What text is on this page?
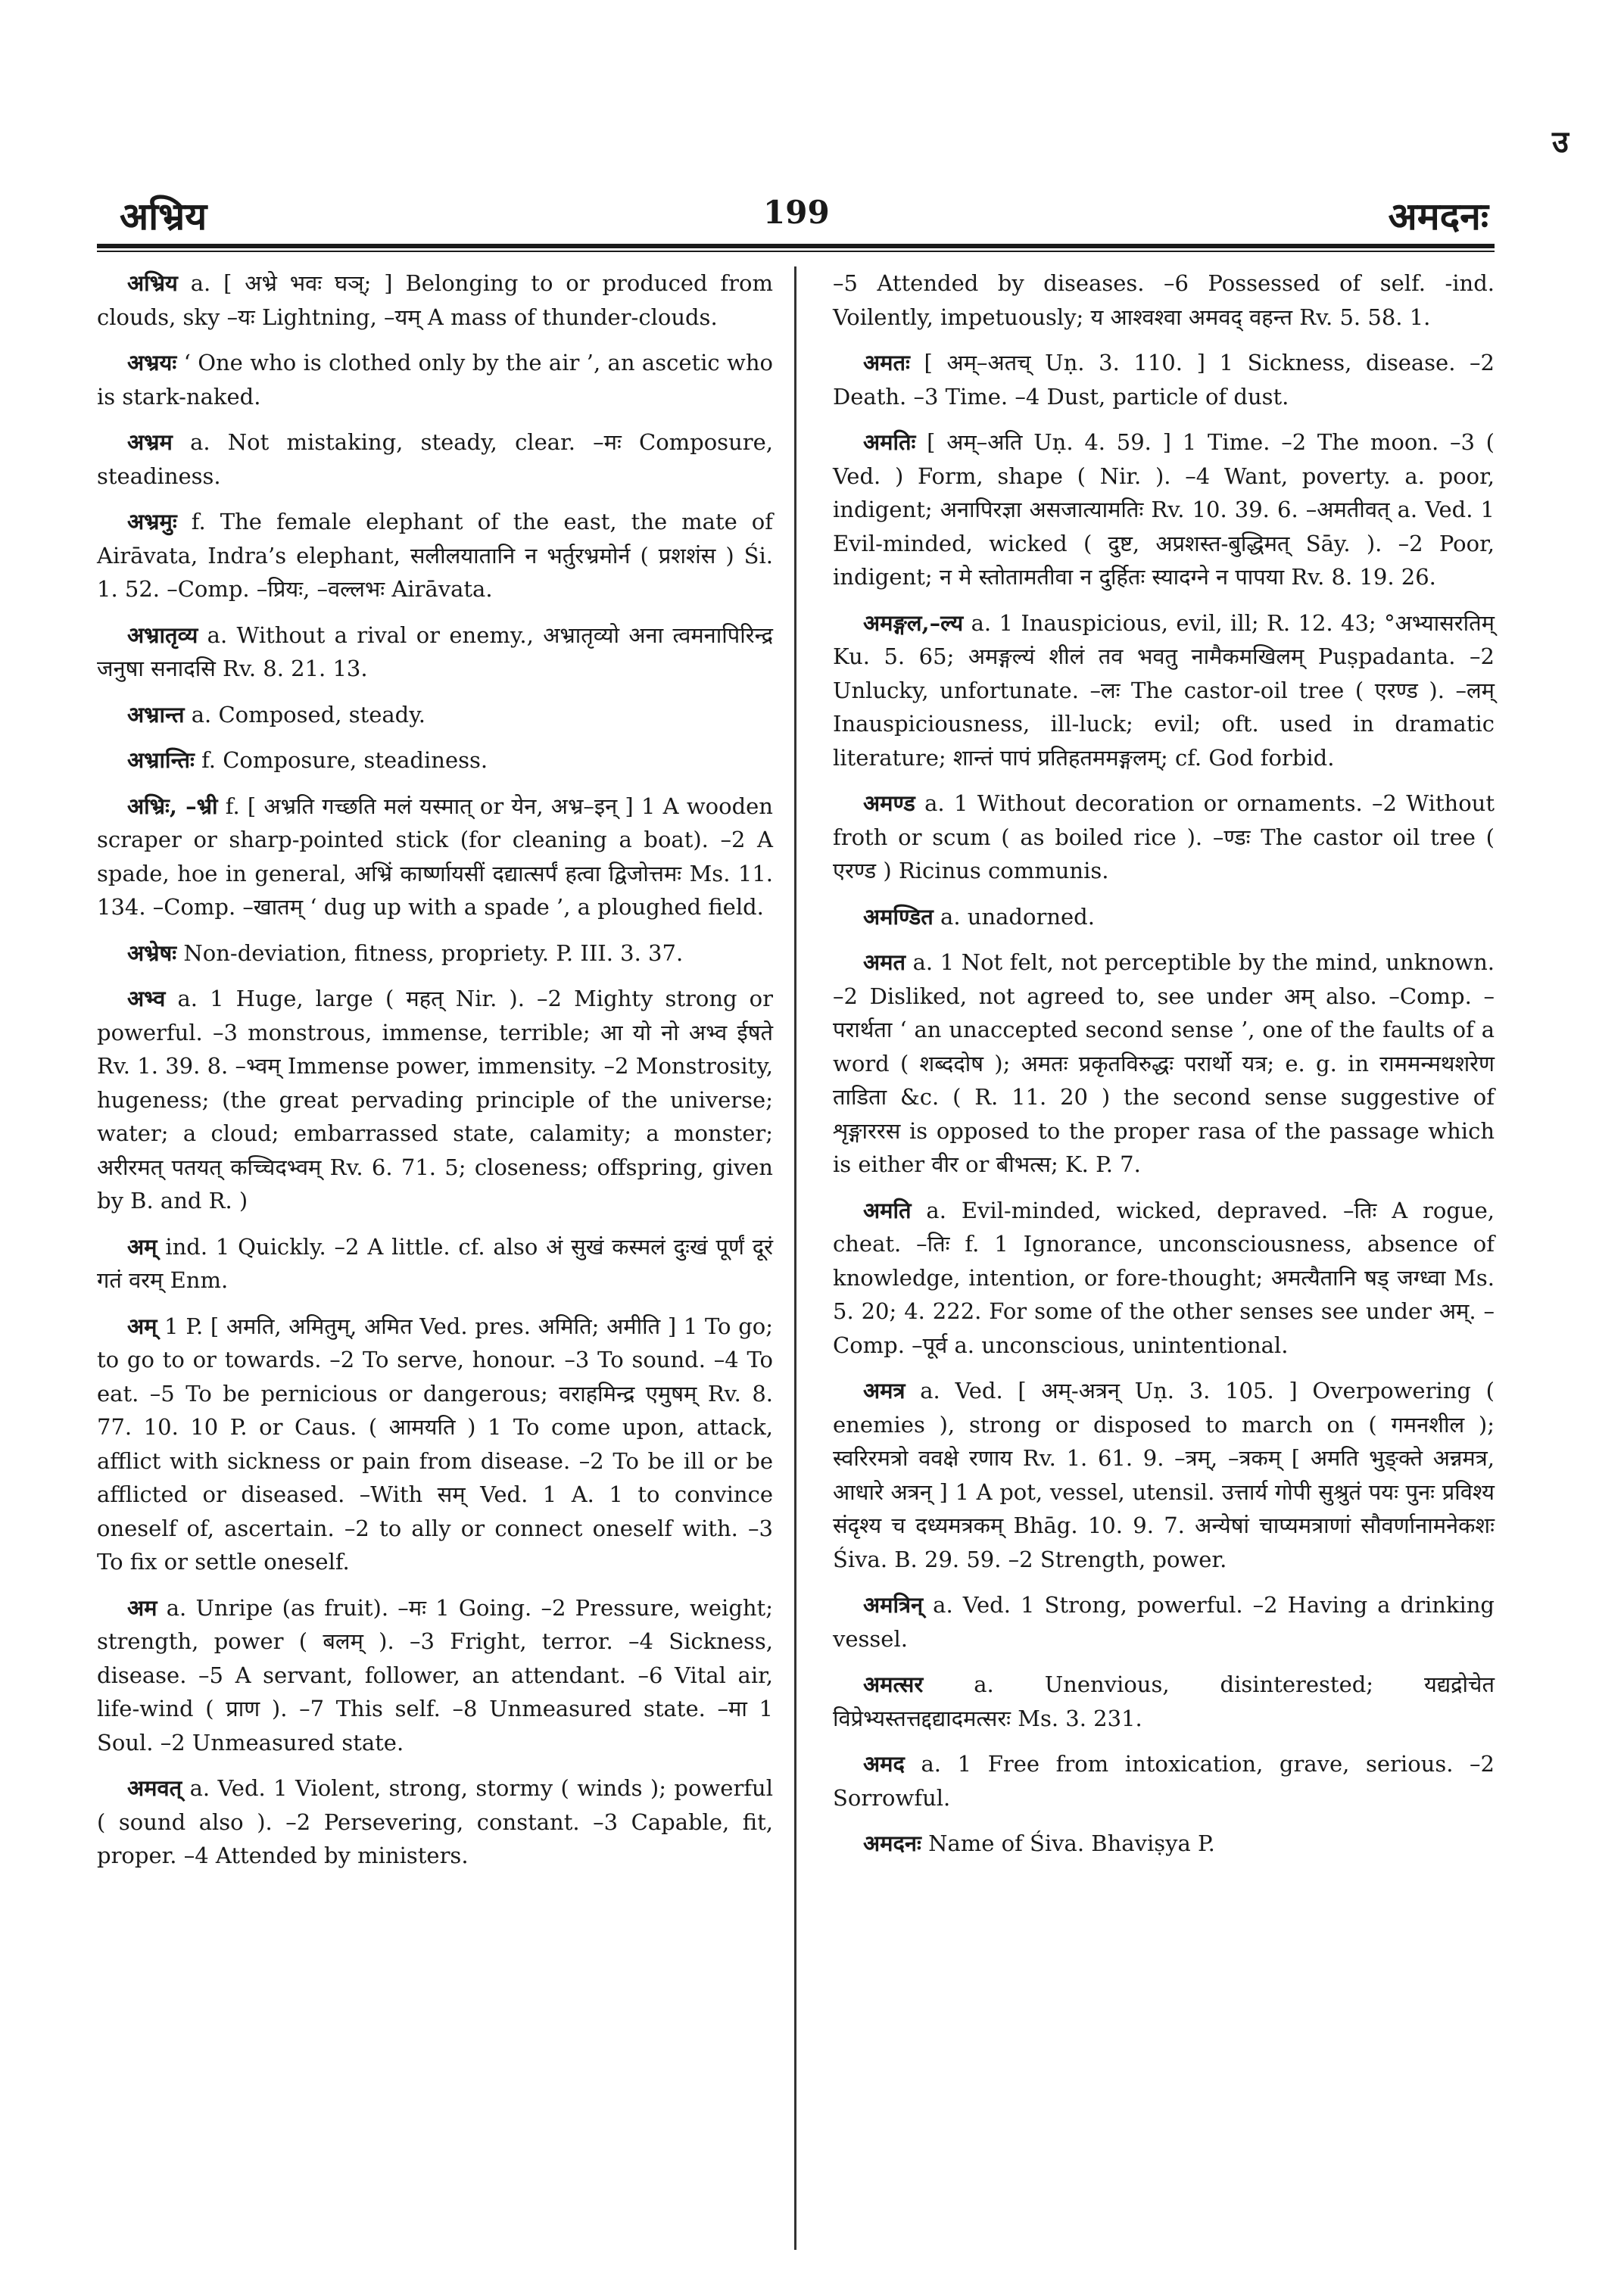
उ
अभ्रिय	199	अमदनः

अभ्रिय a. [ अभ्रे भवः घञ्; ] Belonging to or produced from clouds, sky –यः Lightning, –यम् A mass of thunder-clouds.

अभ्रयः ‘ One who is clothed only by the air ’, an ascetic who is stark-naked.

अभ्रम a. Not mistaking, steady, clear. –मः Composure, steadiness.

अभ्रमुः f. The female elephant of the east, the mate of Airāvata, Indra’s elephant, सलीलयातानि न भर्तुरभ्रमोर्न ( प्रशशंस ) Śi. 1. 52. –Comp. –प्रियः, –वल्लभः Airāvata.

अभ्रातृव्य a. Without a rival or enemy., अभ्रातृव्यो अना त्वमनापिरिन्द्र जनुषा सनादसि Rv. 8. 21. 13.

अभ्रान्त a. Composed, steady.

अभ्रान्तिः f. Composure, steadiness.

अभ्रिः, –भ्री f. [ अभ्रति गच्छति मलं यस्मात् or येन, अभ्र–इन् ] 1 A wooden scraper or sharp-pointed stick (for cleaning a boat). –2 A spade, hoe in general, अभ्रिं कार्ष्णायसीं दद्यात्सर्पं हत्वा द्विजोत्तमः Ms. 11. 134. –Comp. –खातम् ‘ dug up with a spade ’, a ploughed field.

अभ्रेषः Non-deviation, fitness, propriety. P. III. 3. 37.

अभ्व a. 1 Huge, large ( महत् Nir. ). –2 Mighty strong or powerful. –3 monstrous, immense, terrible; आ यो नो अभ्व ईषते Rv. 1. 39. 8. –भ्वम् Immense power, immensity. –2 Monstrosity, hugeness; (the great pervading principle of the universe; water; a cloud; embarrassed state, calamity; a monster; अरीरमत् पतयत् कच्चिदभ्वम् Rv. 6. 71. 5; closeness; offspring, given by B. and R. )

अम् ind. 1 Quickly. –2 A little. cf. also अं सुखं कस्मलं दुःखं पूर्णं दूरं गतं वरम् Enm.

अम् 1 P. [ अमति, अमितुम्, अमित Ved. pres. अमिति; अमीति ] 1 To go; to go to or towards. –2 To serve, honour. –3 To sound. –4 To eat. –5 To be pernicious or dangerous; वराहमिन्द्र एमुषम् Rv. 8. 77. 10. 10 P. or Caus. ( आमयति ) 1 To come upon, attack, afflict with sickness or pain from disease. –2 To be ill or be afflicted or diseased. –With सम् Ved. 1 A. 1 to convince oneself of, ascertain. –2 to ally or connect oneself with. –3 To fix or settle oneself.

अम a. Unripe (as fruit). –मः 1 Going. –2 Pressure, weight; strength, power ( बलम् ). –3 Fright, terror. –4 Sickness, disease. –5 A servant, follower, an attendant. –6 Vital air, life-wind ( प्राण ). –7 This self. –8 Unmeasured state. –मा 1 Soul. –2 Unmeasured state.

अमवत् a. Ved. 1 Violent, strong, stormy ( winds ); powerful ( sound also ). –2 Persevering, constant. –3 Capable, fit, proper. –4 Attended by ministers.

–5 Attended by diseases. –6 Possessed of self. -ind. Voilently, impetuously; य आश्वश्वा अमवद् वहन्त Rv. 5. 58. 1.

अमतः [ अम्–अतच् Uṇ. 3. 110. ] 1 Sickness, disease. –2 Death. –3 Time. –4 Dust, particle of dust.

अमतिः [ अम्–अति Uṇ. 4. 59. ] 1 Time. –2 The moon. –3 ( Ved. ) Form, shape ( Nir. ). –4 Want, poverty. a. poor, indigent; अनापिरज्ञा असजात्यामतिः Rv. 10. 39. 6. –अमतीवत् a. Ved. 1 Evil-minded, wicked ( दुष्ट, अप्रशस्त-बुद्धिमत् Sāy. ). –2 Poor, indigent; न मे स्तोतामतीवा न दुर्हितः स्यादग्ने न पापया Rv. 8. 19. 26.

अमङ्गल,–ल्य a. 1 Inauspicious, evil, ill; R. 12. 43; °अभ्यासरतिम् Ku. 5. 65; अमङ्गल्यं शीलं तव भवतु नामैकमखिलम् Puṣpadanta. –2 Unlucky, unfortunate. –लः The castor-oil tree ( एरण्ड ). –लम् Inauspiciousness, ill-luck; evil; oft. used in dramatic literature; शान्तं पापं प्रतिहतममङ्गलम्; cf. God forbid.

अमण्ड a. 1 Without decoration or ornaments. –2 Without froth or scum ( as boiled rice ). –ण्डः The castor oil tree ( एरण्ड ) Ricinus communis.

अमण्डित a. unadorned.

अमत a. 1 Not felt, not perceptible by the mind, unknown. –2 Disliked, not agreed to, see under अम् also. –Comp. –परार्थता ‘ an unaccepted second sense ’, one of the faults of a word ( शब्ददोष ); अमतः प्रकृतविरुद्धः परार्थो यत्र; e. g. in राममन्मथशरेण ताडिता &c. ( R. 11. 20 ) the second sense suggestive of शृङ्गाररस is opposed to the proper rasa of the passage which is either वीर or बीभत्स; K. P. 7.

अमति a. Evil-minded, wicked, depraved. –तिः A rogue, cheat. –तिः f. 1 Ignorance, unconsciousness, absence of knowledge, intention, or fore-thought; अमत्यैतानि षड् जग्ध्वा Ms. 5. 20; 4. 222. For some of the other senses see under अम्. –Comp. –पूर्व a. unconscious, unintentional.

अमत्र a. Ved. [ अम्-अत्रन् Uṇ. 3. 105. ] Overpowering ( enemies ), strong or disposed to march on ( गमनशील ); स्वरिरमत्रो ववक्षे रणाय Rv. 1. 61. 9. –त्रम्, –त्रकम् [ अमति भुङ्क्ते अन्नमत्र, आधारे अत्रन् ] 1 A pot, vessel, utensil. उत्तार्य गोपी सुश्रुतं पयः पुनः प्रविश्य संदृश्य च दध्यमत्रकम् Bhāg. 10. 9. 7. अन्येषां चाप्यमत्राणां सौवर्णानामनेकशः Śiva. B. 29. 59. –2 Strength, power.

अमत्रिन् a. Ved. 1 Strong, powerful. –2 Having a drinking vessel.

अमत्सर a. Unenvious, disinterested; यद्यद्रोचेत विप्रेभ्यस्तत्तद्दद्यादमत्सरः Ms. 3. 231.

अमद a. 1 Free from intoxication, grave, serious. –2 Sorrowful.

अमदनः Name of Śiva. Bhaviṣya P.
